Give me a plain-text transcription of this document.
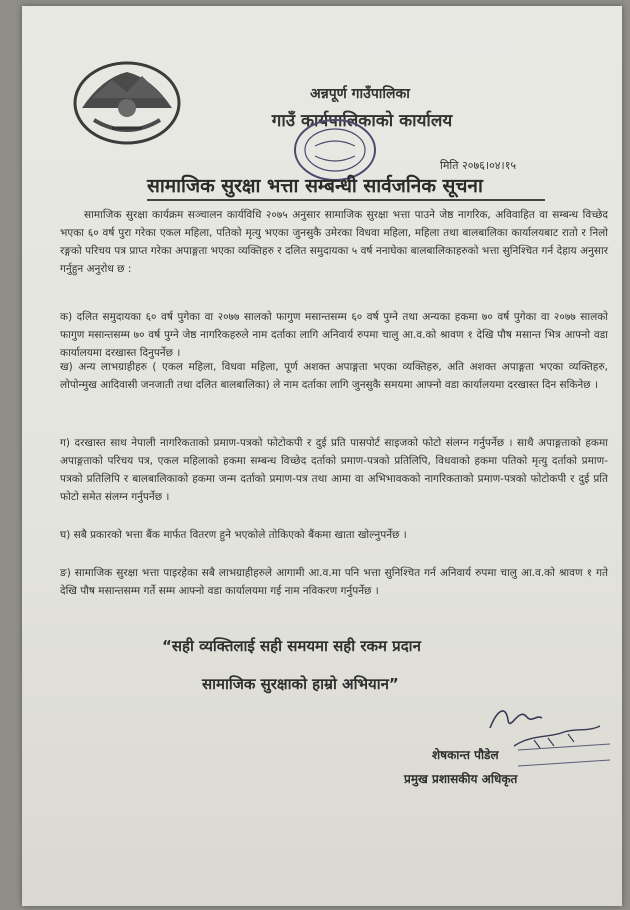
अन्नपूर्ण गाउँपालिका
गाउँ कार्यपालिकाको कार्यालय
मिति २०७६।०४।१५
सामाजिक सुरक्षा भत्ता सम्बन्धी सार्वजनिक सूचना
सामाजिक सुरक्षा कार्यक्रम सञ्चालन कार्यविधि २०७५ अनुसार सामाजिक सुरक्षा भत्ता पाउने जेष्ठ नागरिक, अविवाहित वा सम्बन्ध विच्छेद भएका ६० वर्ष पुरा गरेका एकल महिला, पतिको मृत्यु भएका जुनसुकै उमेरका विधवा महिला, महिला तथा बालबालिका कार्यालयबाट रातो र निलो रङ्गको परिचय पत्र प्राप्त गरेका अपाङ्गता भएका व्यक्तिहरु र दलित समुदायका ५ वर्ष ननाघेका बालबालिकाहरुको भत्ता सुनिश्चित गर्न देहाय अनुसार गर्नुहुन अनुरोध छ :
क) दलित समुदायका ६० वर्ष पुगेका वा २०७७ सालको फागुण मसान्तसम्म ६० वर्ष पुग्ने तथा अन्यका हकमा ७० वर्ष पुगेका वा २०७७ सालको फागुण मसान्तसम्म ७० वर्ष पुग्ने जेष्ठ नागरिकहरुले नाम दर्ताका लागि अनिवार्य रुपमा चालु आ.व.को श्रावण १ देखि पौष मसान्त भित्र आफ्नो वडा कार्यालयमा दरखास्त दिनुपर्नेछ ।
ख) अन्य लाभग्राहीहरु ( एकल महिला, विधवा महिला, पूर्ण अशक्त अपाङ्गता भएका व्यक्तिहरु, अति अशक्त अपाङ्गता भएका व्यक्तिहरु, लोपोन्मुख आदिवासी जनजाती तथा दलित बालबालिका) ले नाम दर्ताका लागि जुनसुकै समयमा आफ्नो वडा कार्यालयमा दरखास्त दिन सकिनेछ ।
ग) दरखास्त साथ नेपाली नागरिकताको प्रमाण-पत्रको फोटोकपी र दुई प्रति पासपोर्ट साइजको फोटो संलग्न गर्नुपर्नेछ । साथै अपाङ्गताको हकमा अपाङ्गताको परिचय पत्र, एकल महिलाको हकमा सम्बन्ध विच्छेद दर्ताको प्रमाण-पत्रको प्रतिलिपि, विधवाको हकमा पतिको मृत्यु दर्ताको प्रमाण-पत्रको प्रतिलिपि र बालबालिकाको हकमा जन्म दर्ताको प्रमाण-पत्र तथा आमा वा अभिभावकको नागरिकताको प्रमाण-पत्रको फोटोकपी र दुई प्रति फोटो समेत संलग्न गर्नुपर्नेछ ।
घ) सबै प्रकारको भत्ता बैंक मार्फत वितरण हुने भएकोले तोकिएको बैंकमा खाता खोल्नुपर्नेछ ।
ङ) सामाजिक सुरक्षा भत्ता पाइरहेका सबै लाभग्राहीहरुले आगामी आ.व.मा पनि भत्ता सुनिश्चित गर्न अनिवार्य रुपमा चालु आ.व.को श्रावण १ गते देखि पौष मसान्तसम्म गर्ते सम्म आफ्नो वडा कार्यालयमा गई नाम नविकरण गर्नुपर्नेछ ।
“सही व्यक्तिलाई सही समयमा सही रकम प्रदान
सामाजिक सुरक्षाको हाम्रो अभियान”
शेषकान्त पौडेल
प्रमुख प्रशासकीय अधिकृत
